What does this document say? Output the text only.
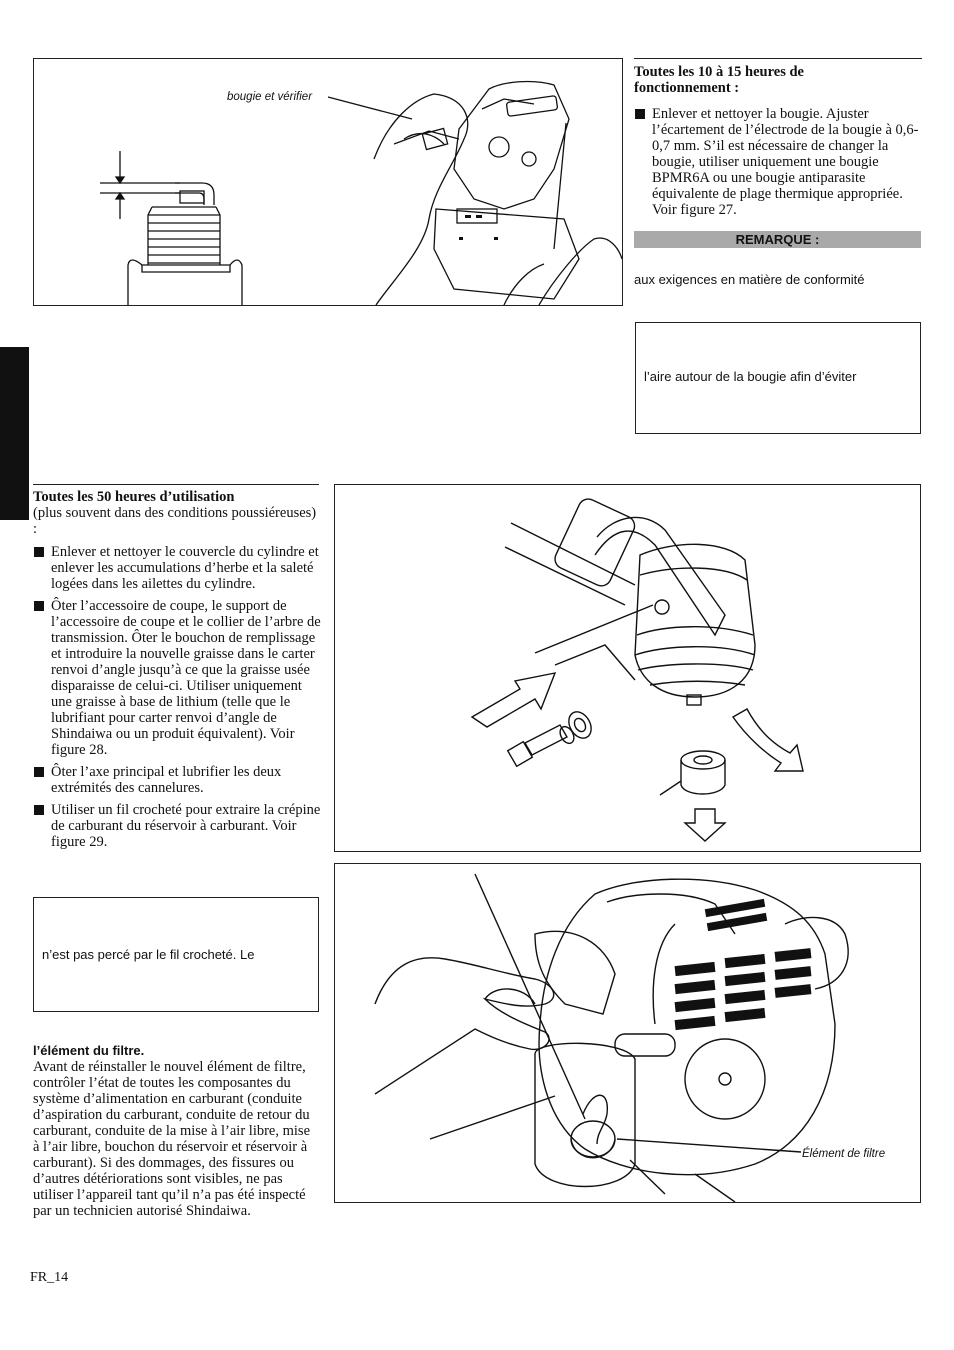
bougie et vérifier
Toutes les 10 à 15 heures de fonctionnement :
Enlever et nettoyer la bougie. Ajuster l’écartement de l’électrode de la bougie à 0,6-0,7 mm. S’il est nécessaire de changer la bougie, utiliser uniquement une bougie BPMR6A ou une bougie antiparasite équivalente de plage thermique appropriée. Voir figure 27.
REMARQUE :
aux exigences en matière de conformité
l’aire autour de la bougie afin d’éviter
Toutes les 50 heures d’utilisation
(plus souvent dans des conditions poussiéreuses) :
Enlever et nettoyer le couvercle du cylindre et enlever les accumulations d’herbe et la saleté logées dans les ailettes du cylindre.
Ôter l’accessoire de coupe, le support de l’accessoire de coupe et le collier de l’arbre de transmission. Ôter le bouchon de remplissage et introduire la nouvelle graisse dans le carter renvoi d’angle jusqu’à ce que la graisse usée disparaisse de celui-ci. Utiliser uniquement une graisse à base de lithium (telle que le lubrifiant pour carter renvoi d’angle de Shindaiwa ou un produit équivalent). Voir figure 28.
Ôter l’axe principal et lubrifier les deux extrémités des cannelures.
Utiliser un fil crocheté pour extraire la crépine de carburant du réservoir à carburant. Voir figure 29.
n’est pas percé par le fil crocheté. Le
l’élément du filtre.
Avant de réinstaller le nouvel élément de filtre, contrôler l’état de toutes les composantes du système d’alimentation en carburant (conduite d’aspiration du carburant, conduite de retour du carburant, conduite de la mise à l’air libre, mise à l’air libre, bouchon du réservoir et réservoir à carburant). Si des dommages, des fissures ou d’autres détériorations sont visibles, ne pas utiliser l’appareil tant qu’il n’a pas été inspecté par un technicien autorisé Shindaiwa.
Élément de filtre
FR_14
